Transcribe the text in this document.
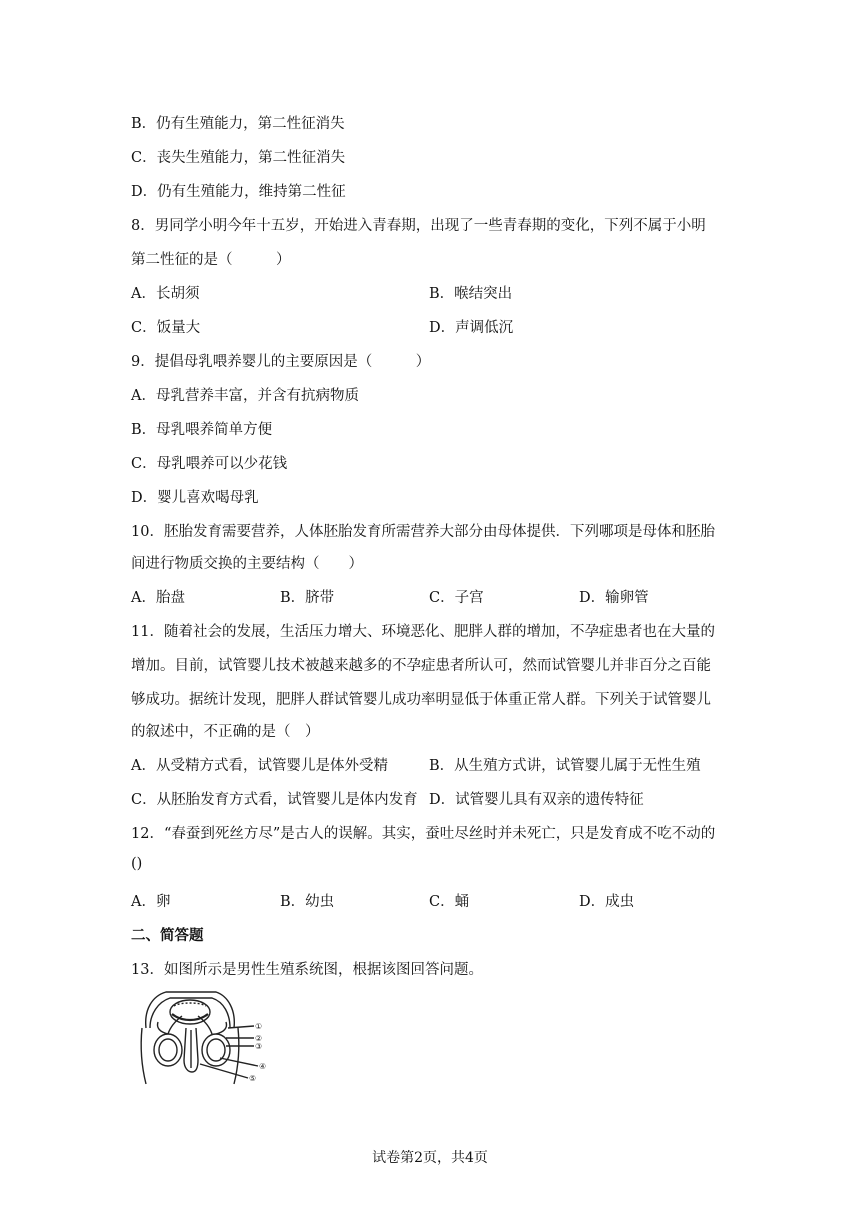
B．仍有生殖能力，第二性征消失
C．丧失生殖能力，第二性征消失
D．仍有生殖能力，维持第二性征
8．男同学小明今年十五岁，开始进入青春期，出现了一些青春期的变化，下列不属于小明
第二性征的是（　　　）
A．长胡须	B．喉结突出
C．饭量大	D．声调低沉
9．提倡母乳喂养婴儿的主要原因是（　　　）
A．母乳营养丰富，并含有抗病物质
B．母乳喂养简单方便
C．母乳喂养可以少花钱
D．婴儿喜欢喝母乳
10．胚胎发育需要营养，人体胚胎发育所需营养大部分由母体提供．下列哪项是母体和胚胎
间进行物质交换的主要结构（　　）
A．胎盘	B．脐带	C．子宫	D．输卵管
11．随着社会的发展，生活压力增大、环境恶化、肥胖人群的增加，不孕症患者也在大量的
增加。目前，试管婴儿技术被越来越多的不孕症患者所认可，然而试管婴儿并非百分之百能
够成功。据统计发现，肥胖人群试管婴儿成功率明显低于体重正常人群。下列关于试管婴儿
的叙述中，不正确的是（　）
A．从受精方式看，试管婴儿是体外受精	B．从生殖方式讲，试管婴儿属于无性生殖
C．从胚胎发育方式看，试管婴儿是体内发育 D．试管婴儿具有双亲的遗传特征
12．“春蚕到死丝方尽”是古人的误解。其实，蚕吐尽丝时并未死亡，只是发育成不吃不动的
()
A．卵	B．幼虫	C．蛹	D．成虫
二、简答题
13．如图所示是男性生殖系统图，根据该图回答问题。
①
②
③
④
⑤
试卷第2页，共4页
